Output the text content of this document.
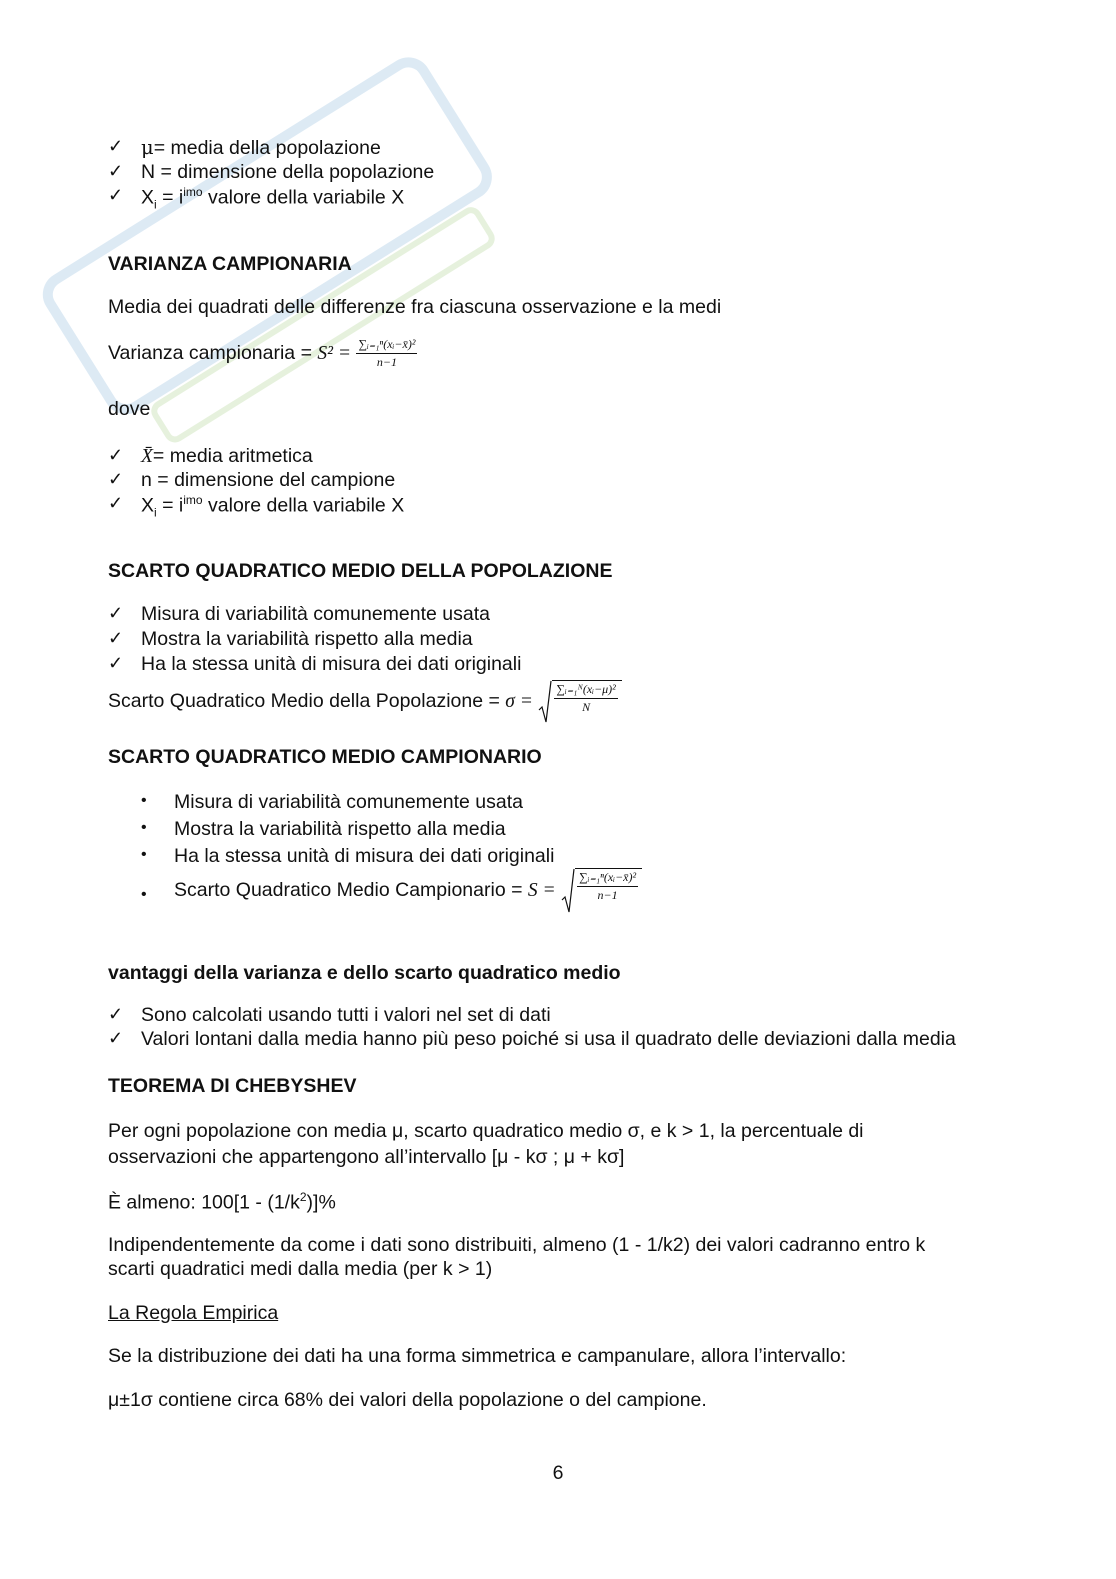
✓ μ= media della popolazione
✓ N = dimensione della popolazione
✓ $X_i = i^{imo}$ valore della variabile X
VARIANZA CAMPIONARIA
Media dei quadrati delle differenze fra ciascuna osservazione e la medi
Varianza campionaria = $S^2 = \frac{\text{∑ᵢ₌₁ⁿ(xᵢ−x̄)²}}{n-1}$
dove
✓ X̄= media aritmetica
✓ n = dimensione del campione
✓ $X_i = i^{imo}$ valore della variabile X
SCARTO QUADRATICO MEDIO DELLA POPOLAZIONE
✓ Misura di variabilità comunemente usata
✓ Mostra la variabilità rispetto alla media
✓ Ha la stessa unità di misura dei dati originali
Scarto Quadratico Medio della Popolazione = $\sigma = \frac{\text{∑ᵢ₌₁ᴺ(xᵢ−μ)²}}{N}$
SCARTO QUADRATICO MEDIO CAMPIONARIO
• Misura di variabilità comunemente usata
• Mostra la variabilità rispetto alla media
• Ha la stessa unità di misura dei dati originali
• Scarto Quadratico Medio Campionario = $S = \frac{\text{∑ᵢ₌₁ⁿ(xᵢ−x̄)²}}{n-1}$
vantaggi della varianza e dello scarto quadratico medio
✓ Sono calcolati usando tutti i valori nel set di dati
✓ Valori lontani dalla media hanno più peso poiché si usa il quadrato delle deviazioni dalla media
TEOREMA DI CHEBYSHEV
Per ogni popolazione con media μ, scarto quadratico medio σ, e k > 1, la percentuale di
osservazioni che appartengono all’intervallo [μ - kσ ; μ + kσ]
È almeno: $100[1 - (1/k^2)]\%$
Indipendentemente da come i dati sono distribuiti, almeno (1 - 1/k2) dei valori cadranno entro k
scarti quadratici medi dalla media (per k > 1)
La Regola Empirica
Se la distribuzione dei dati ha una forma simmetrica e campanulare, allora l’intervallo:
μ±1σ contiene circa 68% dei valori della popolazione o del campione.
6
